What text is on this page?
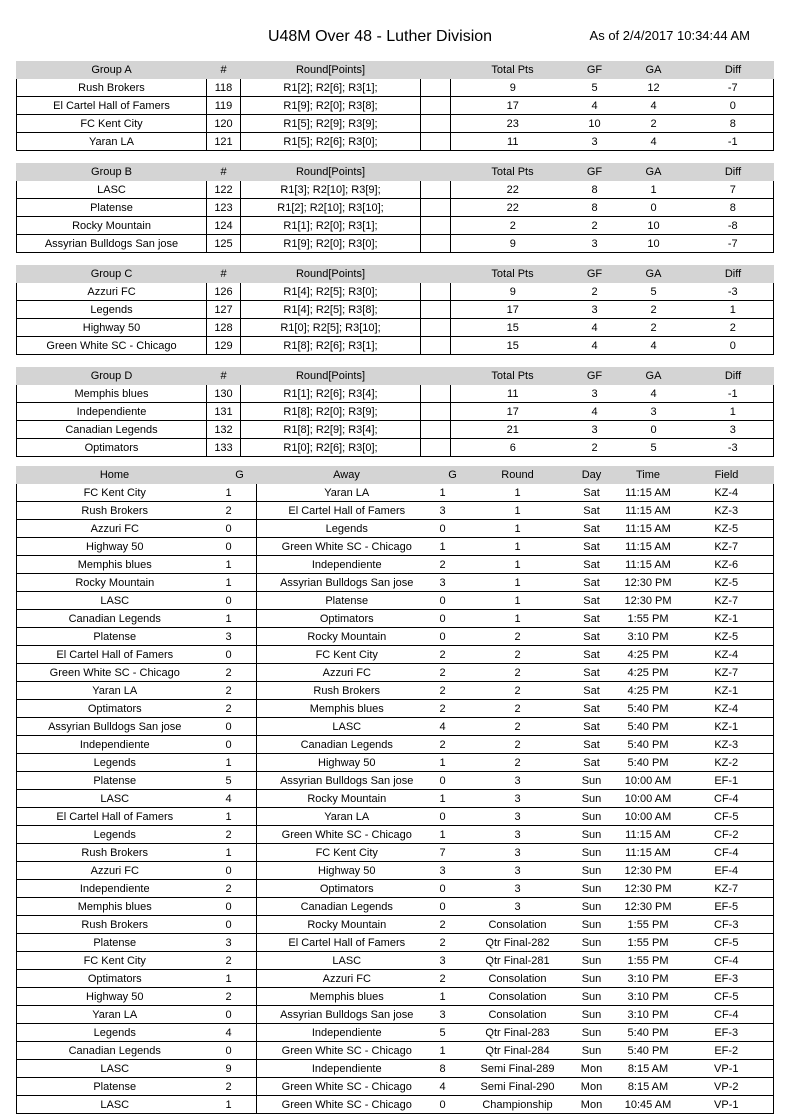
U48M Over 48 - Luther Division	As of 2/4/2017 10:34:44 AM
Group A	#	Round[Points]		Total Pts	GF	GA	Diff
Rush Brokers	118	R1[2]; R2[6]; R3[1];		9	5	12	-7
El Cartel Hall of Famers	119	R1[9]; R2[0]; R3[8];		17	4	4	0
FC Kent City	120	R1[5]; R2[9]; R3[9];		23	10	2	8
Yaran LA	121	R1[5]; R2[6]; R3[0];		11	3	4	-1
Group B	#	Round[Points]		Total Pts	GF	GA	Diff
LASC	122	R1[3]; R2[10]; R3[9];		22	8	1	7
Platense	123	R1[2]; R2[10]; R3[10];		22	8	0	8
Rocky Mountain	124	R1[1]; R2[0]; R3[1];		2	2	10	-8
Assyrian Bulldogs San jose	125	R1[9]; R2[0]; R3[0];		9	3	10	-7
Group C	#	Round[Points]		Total Pts	GF	GA	Diff
Azzuri FC	126	R1[4]; R2[5]; R3[0];		9	2	5	-3
Legends	127	R1[4]; R2[5]; R3[8];		17	3	2	1
Highway 50	128	R1[0]; R2[5]; R3[10];		15	4	2	2
Green White SC - Chicago	129	R1[8]; R2[6]; R3[1];		15	4	4	0
Group D	#	Round[Points]		Total Pts	GF	GA	Diff
Memphis blues	130	R1[1]; R2[6]; R3[4];		11	3	4	-1
Independiente	131	R1[8]; R2[0]; R3[9];		17	4	3	1
Canadian Legends	132	R1[8]; R2[9]; R3[4];		21	3	0	3
Optimators	133	R1[0]; R2[6]; R3[0];		6	2	5	-3
Home		G	Away	G	Round	Day	Time	Field
FC Kent City		1	Yaran LA	1	1	Sat	11:15 AM	KZ-4
Rush Brokers		2	El Cartel Hall of Famers	3	1	Sat	11:15 AM	KZ-3
Azzuri FC		0	Legends	0	1	Sat	11:15 AM	KZ-5
Highway 50		0	Green White SC - Chicago	1	1	Sat	11:15 AM	KZ-7
Memphis blues		1	Independiente	2	1	Sat	11:15 AM	KZ-6
Rocky Mountain		1	Assyrian Bulldogs San jose	3	1	Sat	12:30 PM	KZ-5
LASC		0	Platense	0	1	Sat	12:30 PM	KZ-7
Canadian Legends		1	Optimators	0	1	Sat	1:55 PM	KZ-1
Platense		3	Rocky Mountain	0	2	Sat	3:10 PM	KZ-5
El Cartel Hall of Famers		0	FC Kent City	2	2	Sat	4:25 PM	KZ-4
Green White SC - Chicago		2	Azzuri FC	2	2	Sat	4:25 PM	KZ-7
Yaran LA		2	Rush Brokers	2	2	Sat	4:25 PM	KZ-1
Optimators		2	Memphis blues	2	2	Sat	5:40 PM	KZ-4
Assyrian Bulldogs San jose		0	LASC	4	2	Sat	5:40 PM	KZ-1
Independiente		0	Canadian Legends	2	2	Sat	5:40 PM	KZ-3
Legends		1	Highway 50	1	2	Sat	5:40 PM	KZ-2
Platense		5	Assyrian Bulldogs San jose	0	3	Sun	10:00 AM	EF-1
LASC		4	Rocky Mountain	1	3	Sun	10:00 AM	CF-4
El Cartel Hall of Famers		1	Yaran LA	0	3	Sun	10:00 AM	CF-5
Legends		2	Green White SC - Chicago	1	3	Sun	11:15 AM	CF-2
Rush Brokers		1	FC Kent City	7	3	Sun	11:15 AM	CF-4
Azzuri FC		0	Highway 50	3	3	Sun	12:30 PM	EF-4
Independiente		2	Optimators	0	3	Sun	12:30 PM	KZ-7
Memphis blues		0	Canadian Legends	0	3	Sun	12:30 PM	EF-5
Rush Brokers		0	Rocky Mountain	2	Consolation	Sun	1:55 PM	CF-3
Platense		3	El Cartel Hall of Famers	2	Qtr Final-282	Sun	1:55 PM	CF-5
FC Kent City		2	LASC	3	Qtr Final-281	Sun	1:55 PM	CF-4
Optimators		1	Azzuri FC	2	Consolation	Sun	3:10 PM	EF-3
Highway 50		2	Memphis blues	1	Consolation	Sun	3:10 PM	CF-5
Yaran LA		0	Assyrian Bulldogs San jose	3	Consolation	Sun	3:10 PM	CF-4
Legends		4	Independiente	5	Qtr Final-283	Sun	5:40 PM	EF-3
Canadian Legends		0	Green White SC - Chicago	1	Qtr Final-284	Sun	5:40 PM	EF-2
LASC		9	Independiente	8	Semi Final-289	Mon	8:15 AM	VP-1
Platense		2	Green White SC - Chicago	4	Semi Final-290	Mon	8:15 AM	VP-2
LASC		1	Green White SC - Chicago	0	Championship	Mon	10:45 AM	VP-1
